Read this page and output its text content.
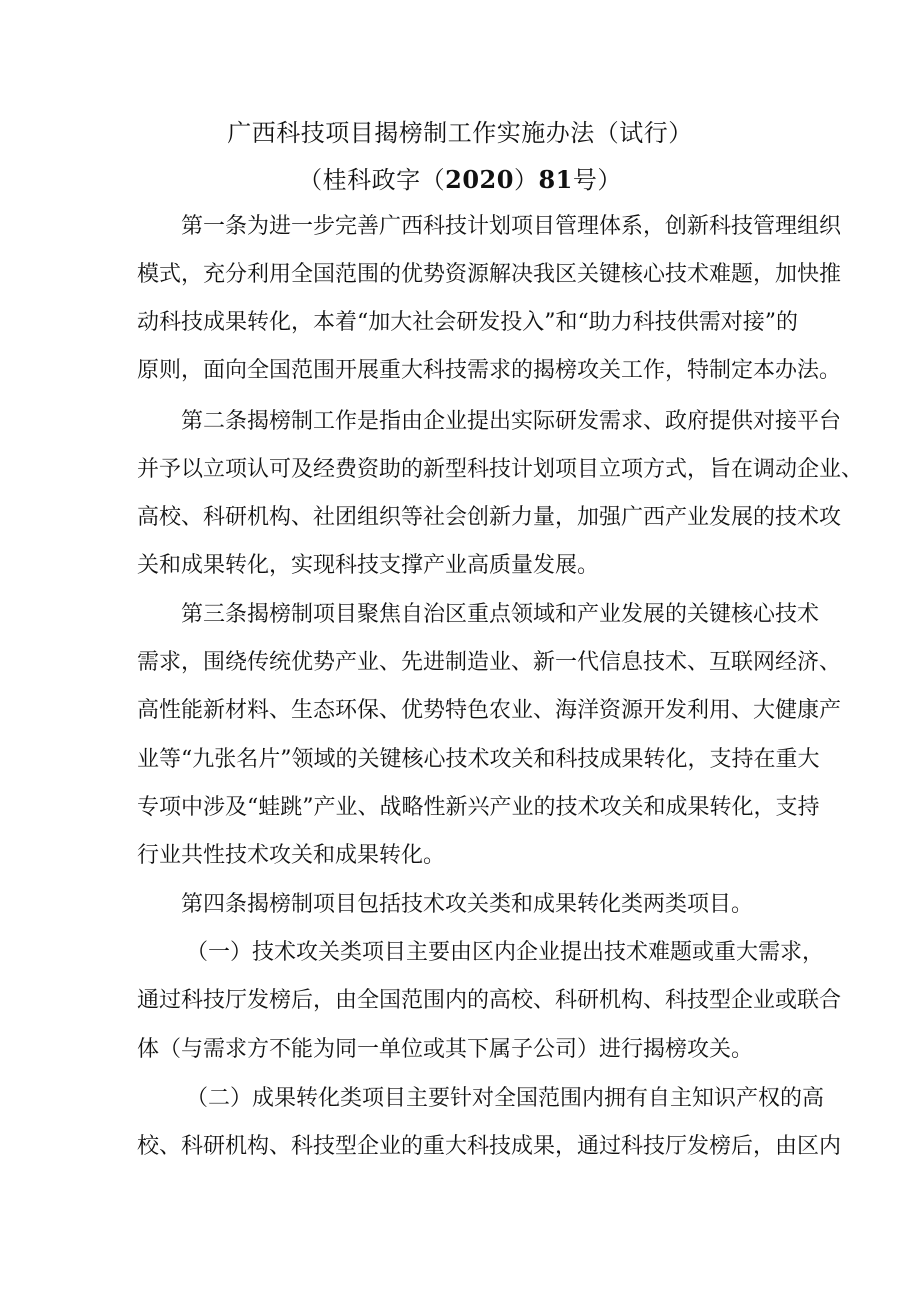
广西科技项目揭榜制工作实施办法（试行）
（桂科政字（2020）81号）
第一条为进一步完善广西科技计划项目管理体系，创新科技管理组织
模式，充分利用全国范围的优势资源解决我区关键核心技术难题，加快推
动科技成果转化，本着“加大社会研发投入”和“助力科技供需对接”的
原则，面向全国范围开展重大科技需求的揭榜攻关工作，特制定本办法。
第二条揭榜制工作是指由企业提出实际研发需求、政府提供对接平台
并予以立项认可及经费资助的新型科技计划项目立项方式，旨在调动企业、
高校、科研机构、社团组织等社会创新力量，加强广西产业发展的技术攻
关和成果转化，实现科技支撑产业高质量发展。
第三条揭榜制项目聚焦自治区重点领域和产业发展的关键核心技术
需求，围绕传统优势产业、先进制造业、新一代信息技术、互联网经济、
高性能新材料、生态环保、优势特色农业、海洋资源开发利用、大健康产
业等“九张名片”领域的关键核心技术攻关和科技成果转化，支持在重大
专项中涉及“蛙跳”产业、战略性新兴产业的技术攻关和成果转化，支持
行业共性技术攻关和成果转化。
第四条揭榜制项目包括技术攻关类和成果转化类两类项目。
（一）技术攻关类项目主要由区内企业提出技术难题或重大需求，
通过科技厅发榜后，由全国范围内的高校、科研机构、科技型企业或联合
体（与需求方不能为同一单位或其下属子公司）进行揭榜攻关。
（二）成果转化类项目主要针对全国范围内拥有自主知识产权的高
校、科研机构、科技型企业的重大科技成果，通过科技厅发榜后，由区内
